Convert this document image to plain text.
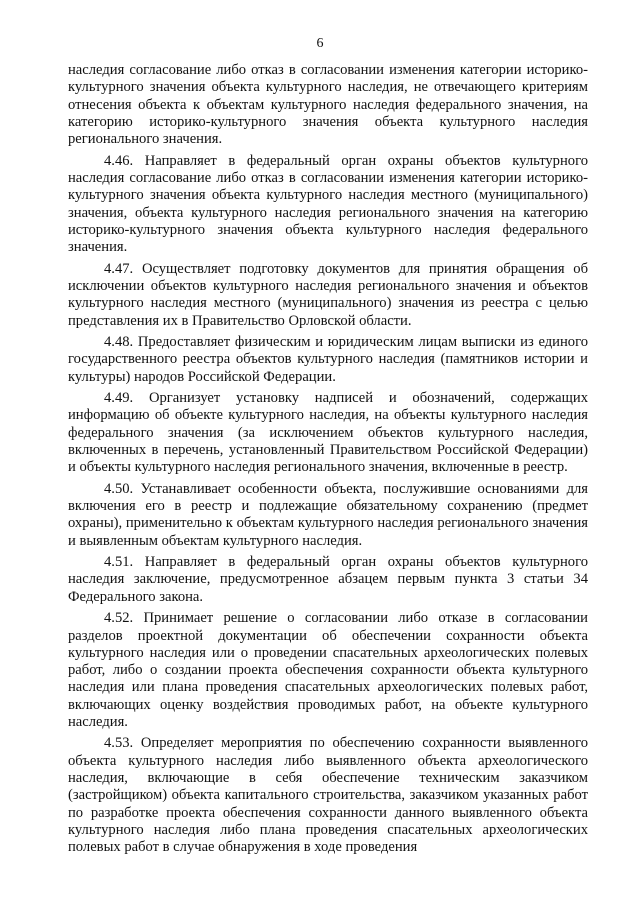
6

наследия согласование либо отказ в согласовании изменения категории историко-культурного значения объекта культурного наследия, не отвечающего критериям отнесения объекта к объектам культурного наследия федерального значения, на категорию историко-культурного значения объекта культурного наследия регионального значения.

4.46. Направляет в федеральный орган охраны объектов культурного наследия согласование либо отказ в согласовании изменения категории историко-культурного значения объекта культурного наследия местного (муниципального) значения, объекта культурного наследия регионального значения на категорию историко-культурного значения объекта культурного наследия федерального значения.

4.47. Осуществляет подготовку документов для принятия обращения об исключении объектов культурного наследия регионального значения и объектов культурного наследия местного (муниципального) значения из реестра с целью представления их в Правительство Орловской области.

4.48. Предоставляет физическим и юридическим лицам выписки из единого государственного реестра объектов культурного наследия (памятников истории и культуры) народов Российской Федерации.

4.49. Организует установку надписей и обозначений, содержащих информацию об объекте культурного наследия, на объекты культурного наследия федерального значения (за исключением объектов культурного наследия, включенных в перечень, установленный Правительством Российской Федерации) и объекты культурного наследия регионального значения, включенные в реестр.

4.50. Устанавливает особенности объекта, послужившие основаниями для включения его в реестр и подлежащие обязательному сохранению (предмет охраны), применительно к объектам культурного наследия регионального значения и выявленным объектам культурного наследия.

4.51. Направляет в федеральный орган охраны объектов культурного наследия заключение, предусмотренное абзацем первым пункта 3 статьи 34 Федерального закона.

4.52. Принимает решение о согласовании либо отказе в согласовании разделов проектной документации об обеспечении сохранности объекта культурного наследия или о проведении спасательных археологических полевых работ, либо о создании проекта обеспечения сохранности объекта культурного наследия или плана проведения спасательных археологических полевых работ, включающих оценку воздействия проводимых работ, на объекте культурного наследия.

4.53. Определяет мероприятия по обеспечению сохранности выявленного объекта культурного наследия либо выявленного объекта археологического наследия, включающие в себя обеспечение техническим заказчиком (застройщиком) объекта капитального строительства, заказчиком указанных работ по разработке проекта обеспечения сохранности данного выявленного объекта культурного наследия либо плана проведения спасательных археологических полевых работ в случае обнаружения в ходе проведения
